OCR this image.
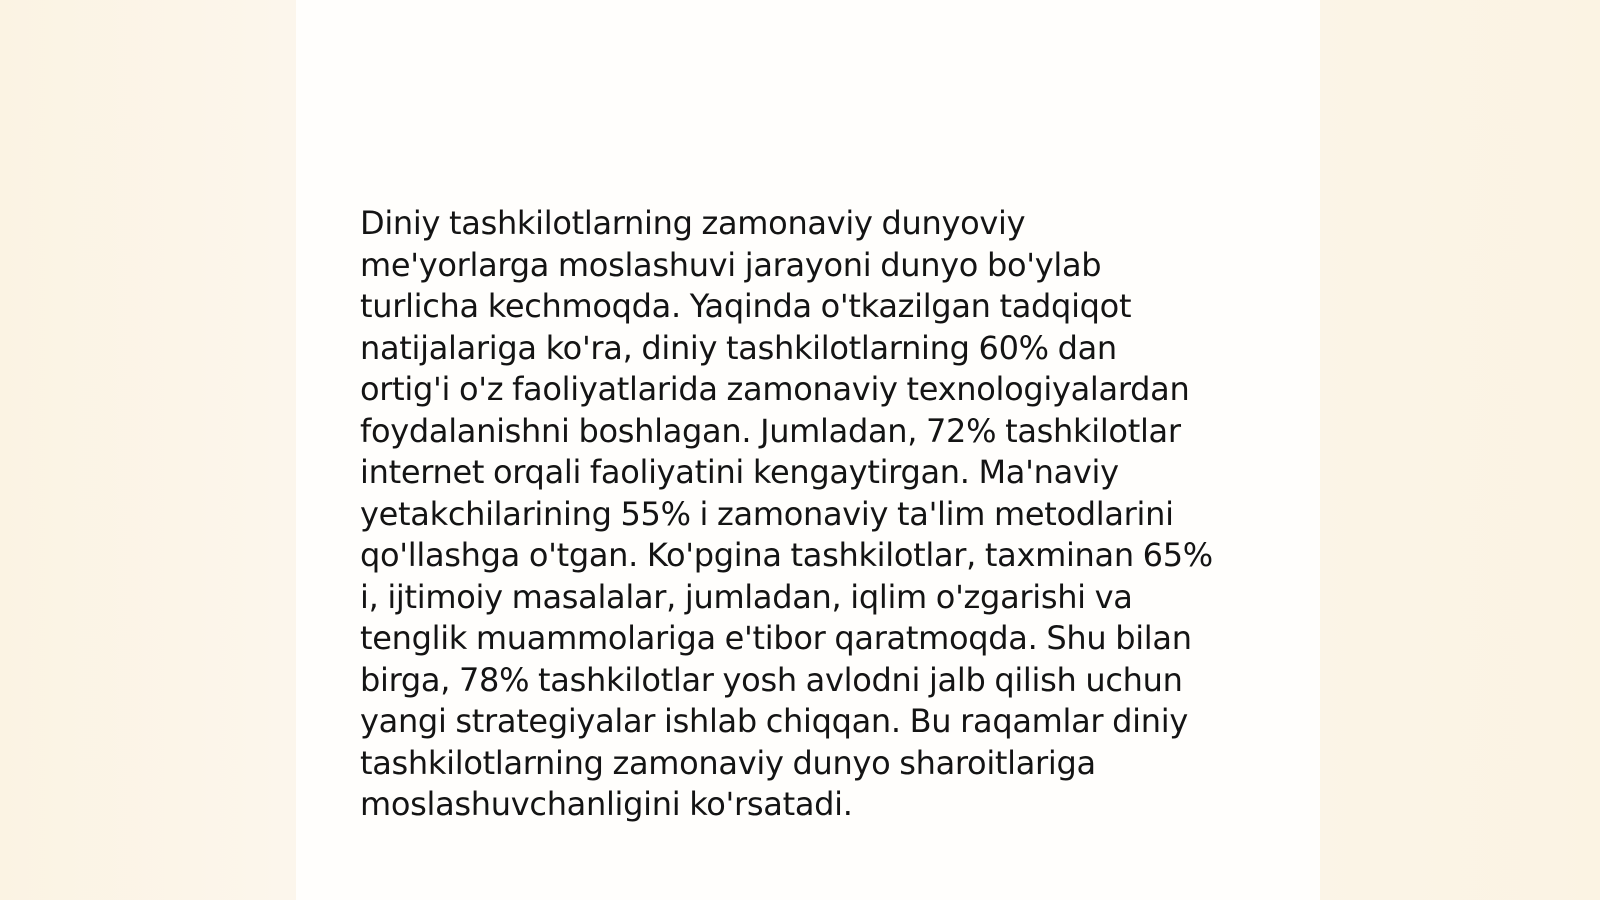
Diniy tashkilotlarning zamonaviy dunyoviy
me'yorlarga moslashuvi jarayoni dunyo bo'ylab
turlicha kechmoqda. Yaqinda o'tkazilgan tadqiqot
natijalariga ko'ra, diniy tashkilotlarning 60% dan
ortig'i o'z faoliyatlarida zamonaviy texnologiyalardan
foydalanishni boshlagan. Jumladan, 72% tashkilotlar
internet orqali faoliyatini kengaytirgan. Ma'naviy
yetakchilarining 55% i zamonaviy ta'lim metodlarini
qo'llashga o'tgan. Ko'pgina tashkilotlar, taxminan 65%
i, ijtimoiy masalalar, jumladan, iqlim o'zgarishi va
tenglik muammolariga e'tibor qaratmoqda. Shu bilan
birga, 78% tashkilotlar yosh avlodni jalb qilish uchun
yangi strategiyalar ishlab chiqqan. Bu raqamlar diniy
tashkilotlarning zamonaviy dunyo sharoitlariga
moslashuvchanligini ko'rsatadi.
